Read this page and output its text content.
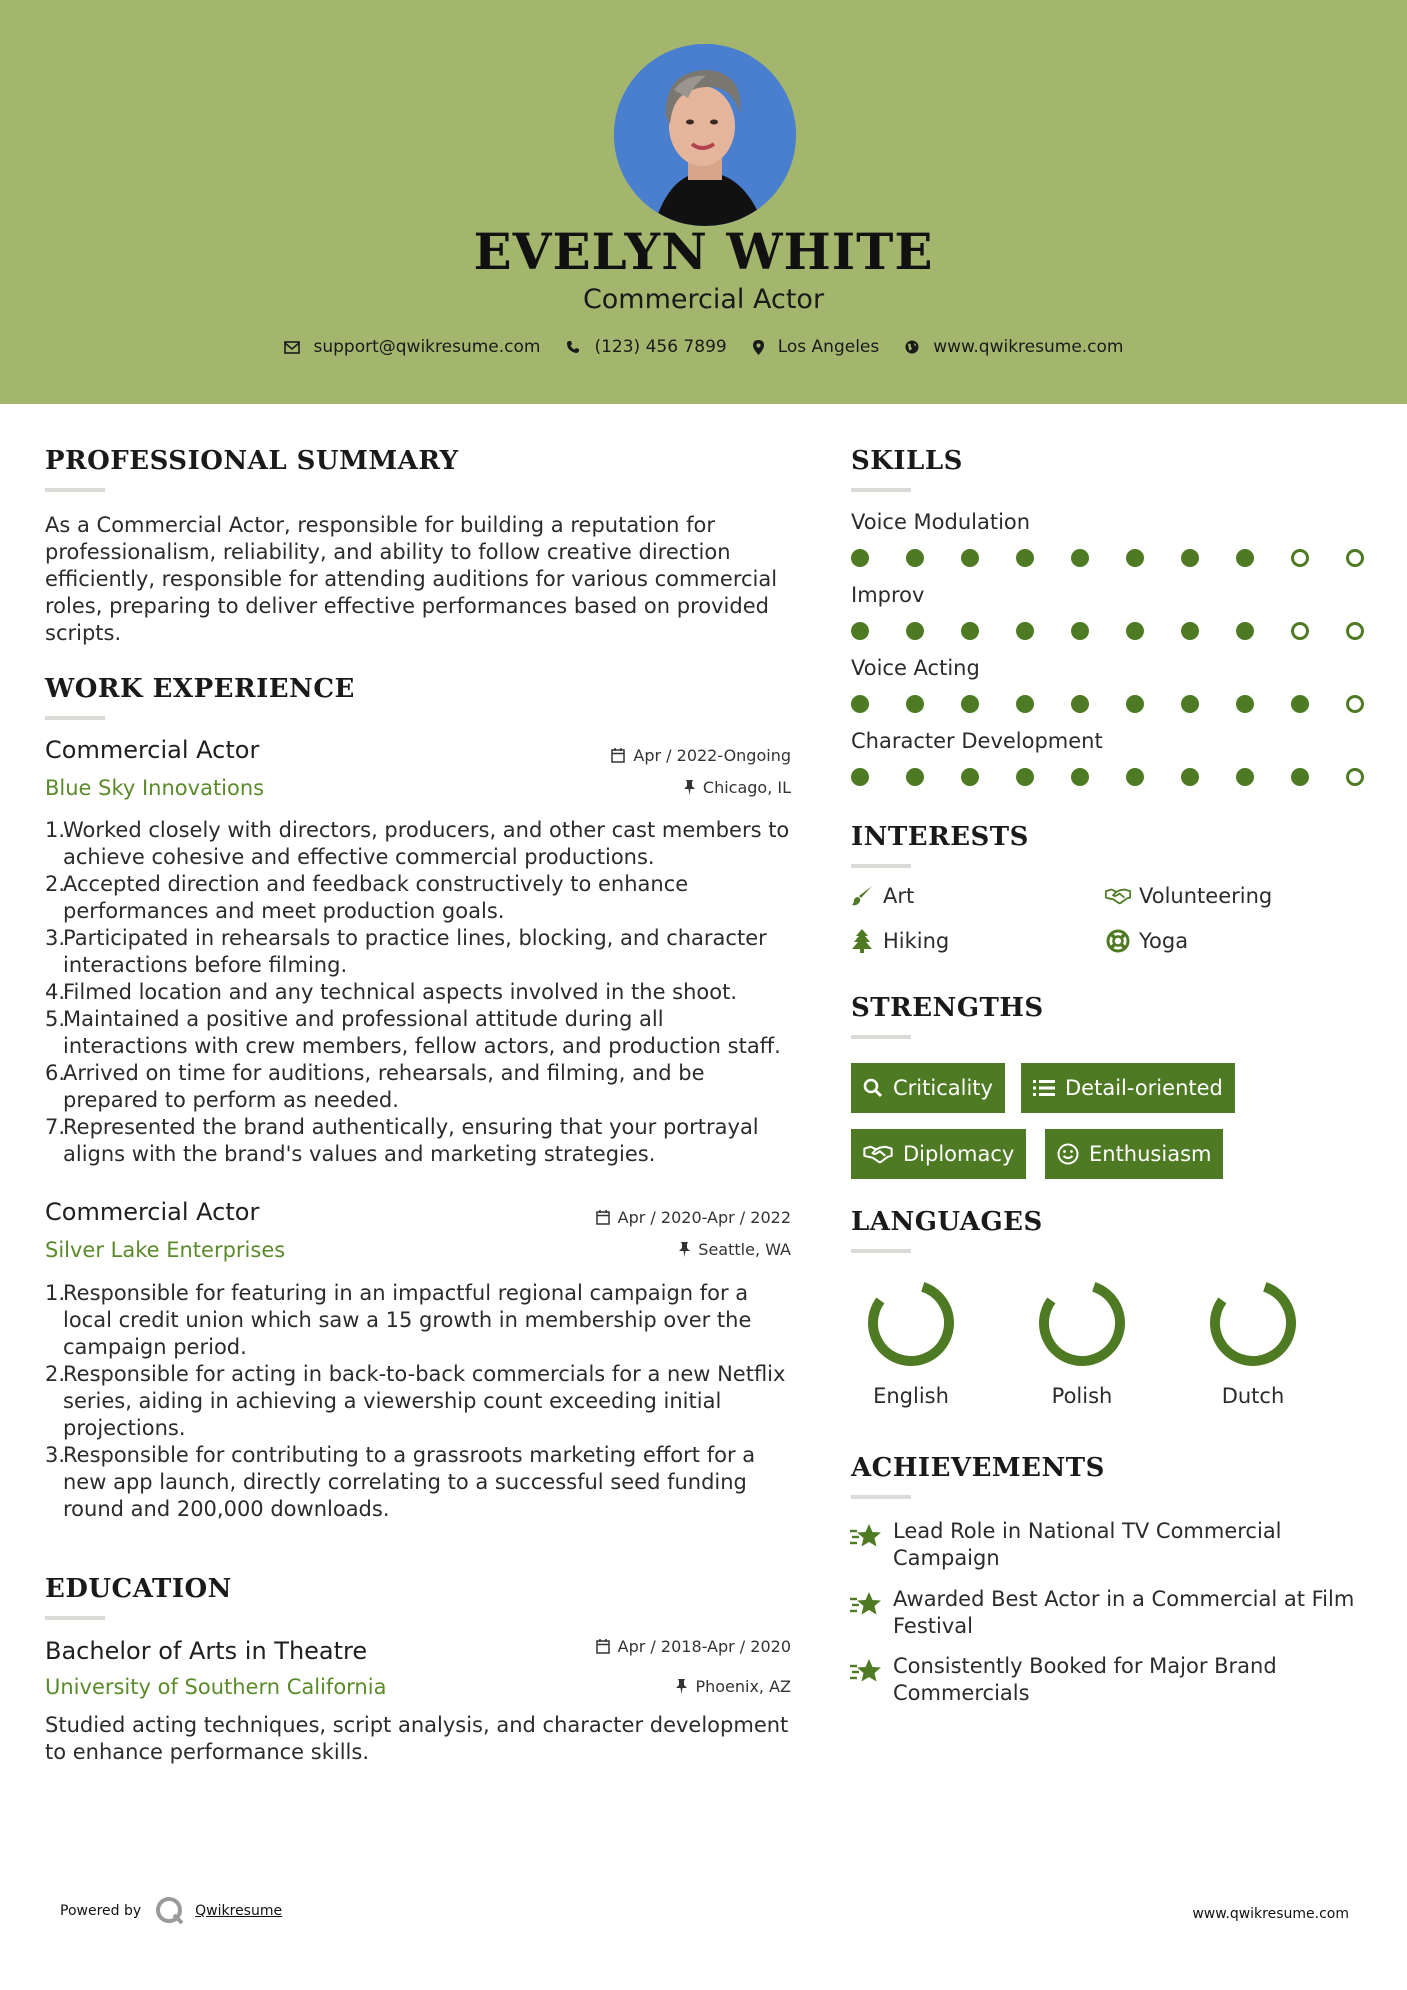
EVELYN WHITE
Commercial Actor
support@qwikresume.com	(123) 456 7899	Los Angeles	www.qwikresume.com
PROFESSIONAL SUMMARY
As a Commercial Actor, responsible for building a reputation for professionalism, reliability, and ability to follow creative direction efficiently, responsible for attending auditions for various commercial roles, preparing to deliver effective performances based on provided scripts.
WORK EXPERIENCE
Commercial Actor	Apr / 2022-Ongoing
Blue Sky Innovations	Chicago, IL
1.
Worked closely with directors, producers, and other cast members to achieve cohesive and effective commercial productions.
2.
Accepted direction and feedback constructively to enhance performances and meet production goals.
3.
Participated in rehearsals to practice lines, blocking, and character interactions before filming.
4.
Filmed location and any technical aspects involved in the shoot.
5.
Maintained a positive and professional attitude during all interactions with crew members, fellow actors, and production staff.
6.
Arrived on time for auditions, rehearsals, and filming, and be prepared to perform as needed.
7.
Represented the brand authentically, ensuring that your portrayal aligns with the brand's values and marketing strategies.
Commercial Actor	Apr / 2020-Apr / 2022
Silver Lake Enterprises	Seattle, WA
1.
Responsible for featuring in an impactful regional campaign for a local credit union which saw a 15 growth in membership over the campaign period.
2.
Responsible for acting in back-to-back commercials for a new Netflix series, aiding in achieving a viewership count exceeding initial projections.
3.
Responsible for contributing to a grassroots marketing effort for a new app launch, directly correlating to a successful seed funding round and 200,000 downloads.
EDUCATION
Bachelor of Arts in Theatre	Apr / 2018-Apr / 2020
University of Southern California	Phoenix, AZ
Studied acting techniques, script analysis, and character development to enhance performance skills.
SKILLS
Voice Modulation
Improv
Voice Acting
Character Development
INTERESTS
Art	Volunteering
Hiking	Yoga
STRENGTHS
Criticality	Detail-oriented
Diplomacy	Enthusiasm
LANGUAGES
English	Polish	Dutch
ACHIEVEMENTS
Lead Role in National TV Commercial Campaign
Awarded Best Actor in a Commercial at Film Festival
Consistently Booked for Major Brand Commercials
Powered by	Qwikresume	www.qwikresume.com
